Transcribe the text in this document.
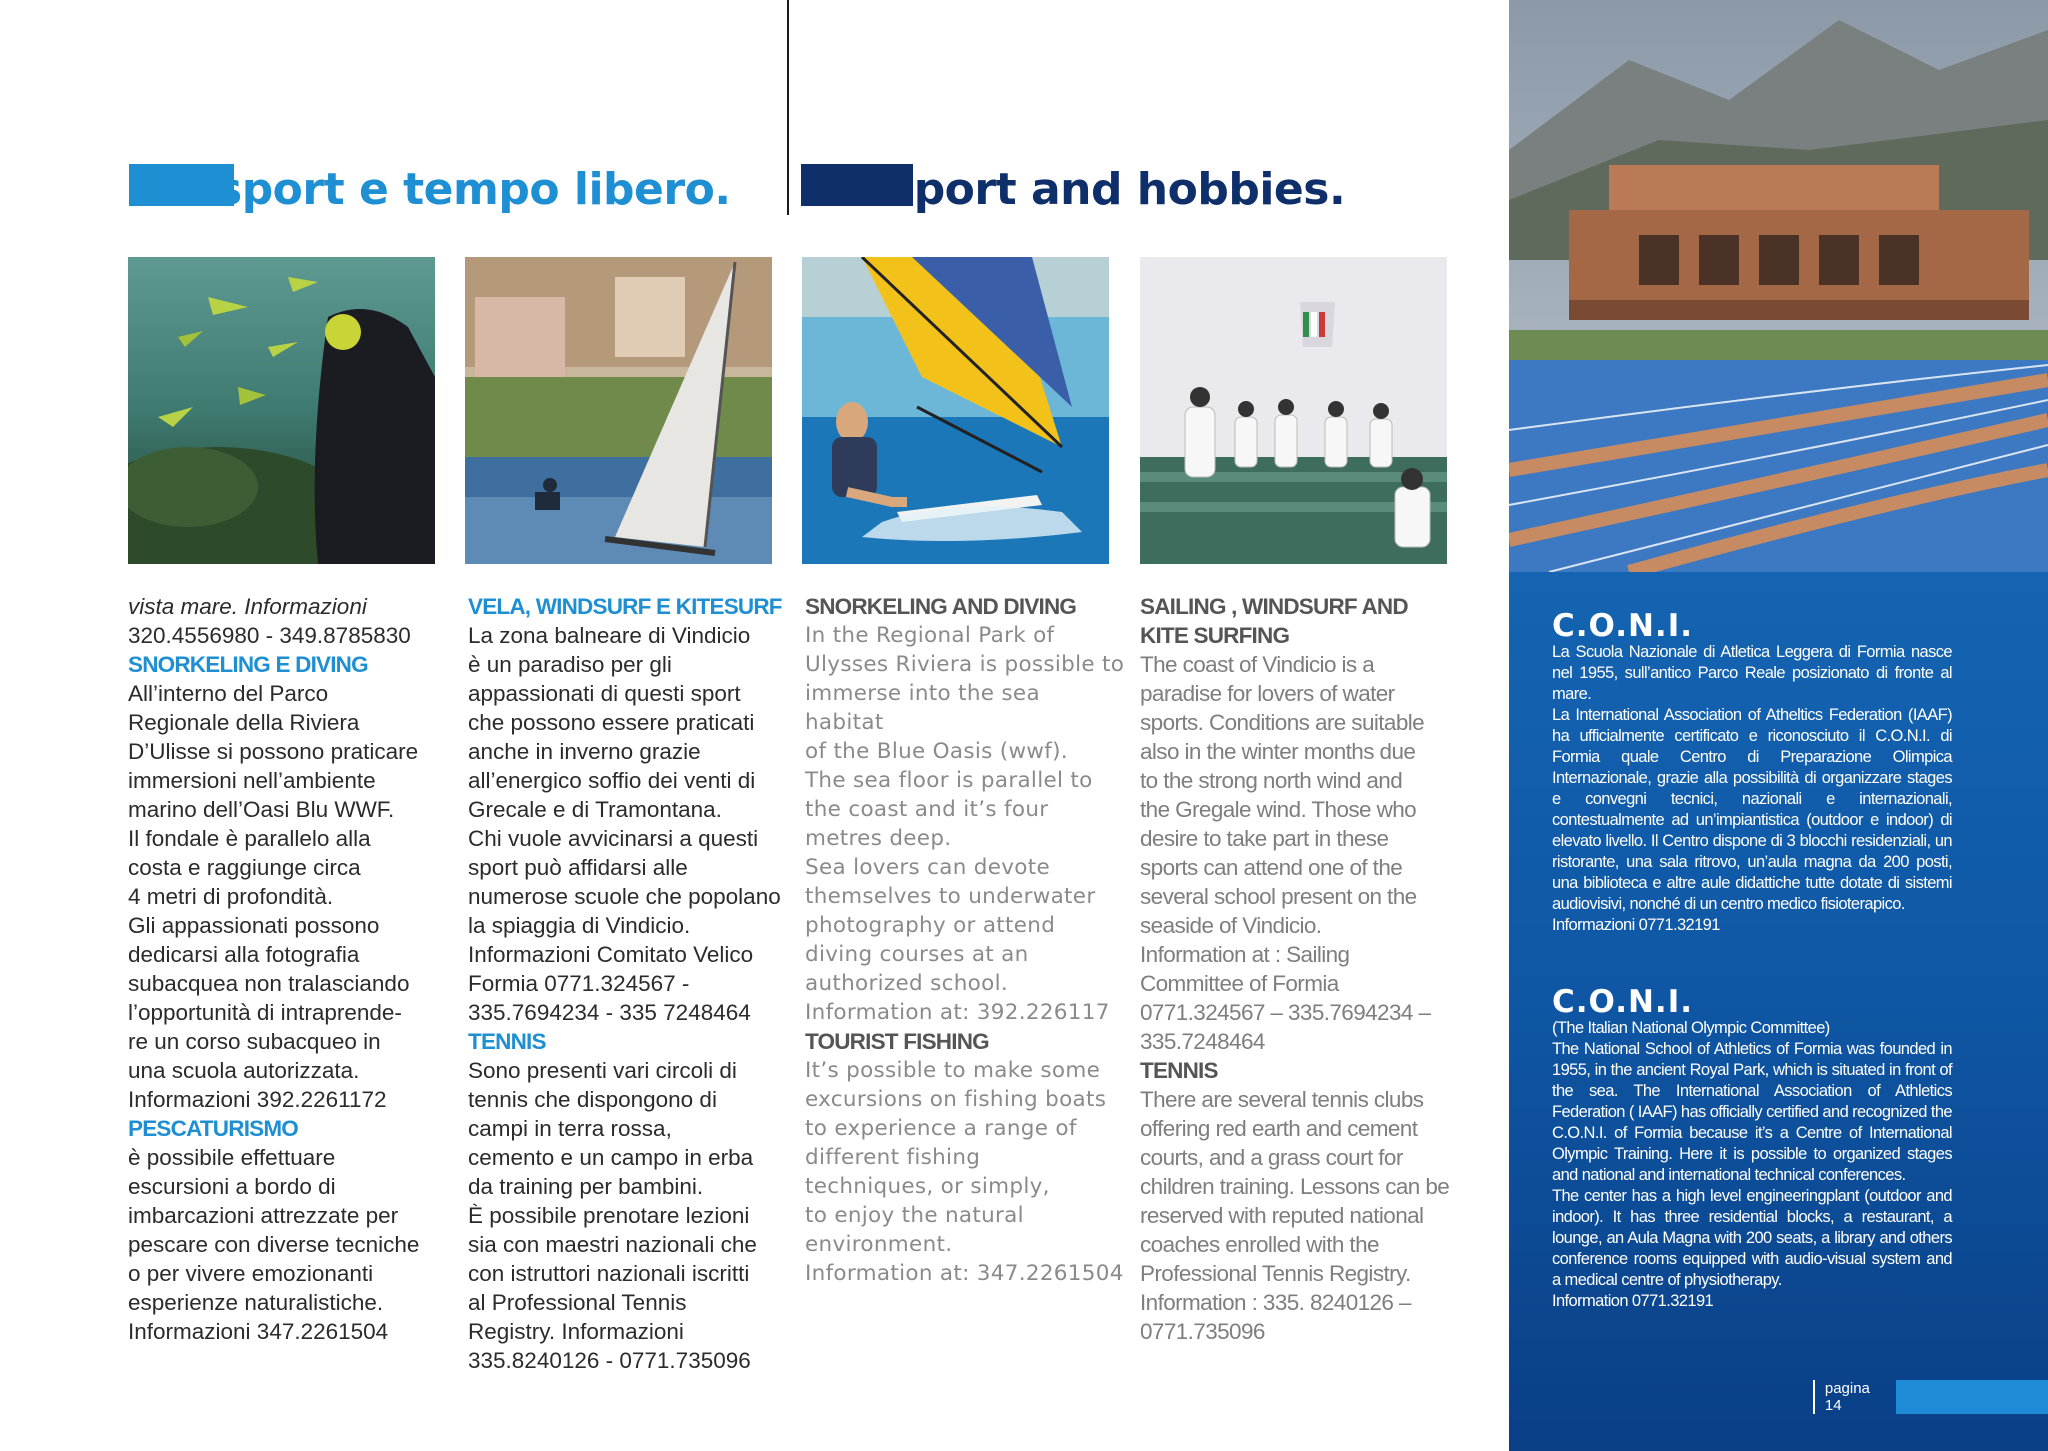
sport e tempo libero.	sport and hobbies.

vista mare. Informazioni

320.4556980 - 349.8785830

SNORKELING E DIVING

All’interno del Parco
Regionale della Riviera
D’Ulisse si possono praticare
immersioni nell’ambiente
marino dell’Oasi Blu WWF.
Il fondale è parallelo alla
costa e raggiunge circa
4 metri di profondità.
Gli appassionati possono
dedicarsi alla fotografia
subacquea non tralasciando
l’opportunità di intraprende-
re un corso subacqueo in
una scuola autorizzata.
Informazioni 392.2261172

PESCATURISMO

è possibile effettuare
escursioni a bordo di
imbarcazioni attrezzate per
pescare con diverse tecniche
o per vivere emozionanti
esperienze naturalistiche.
Informazioni 347.2261504

VELA, WINDSURF E KITESURF

La zona balneare di Vindicio
è un paradiso per gli
appassionati di questi sport
che possono essere praticati
anche in inverno grazie
all’energico soffio dei venti di
Grecale e di Tramontana.
Chi vuole avvicinarsi a questi
sport può affidarsi alle
numerose scuole che popolano
la spiaggia di Vindicio.
Informazioni Comitato Velico
Formia 0771.324567 -
335.7694234 - 335 7248464

TENNIS

Sono presenti vari circoli di
tennis che dispongono di
campi in terra rossa,
cemento e un campo in erba
da training per bambini.
È possibile prenotare lezioni
sia con maestri nazionali che
con istruttori nazionali iscritti
al Professional Tennis
Registry. Informazioni
335.8240126 - 0771.735096

SNORKELING AND DIVING

In the Regional Park of
Ulysses Riviera is possible to
immerse into the sea habitat
of the Blue Oasis (wwf).
The sea floor is parallel to
the coast and it’s four
metres deep.
Sea lovers can devote
themselves to underwater
photography or attend
diving courses at an
authorized school.
Information at: 392.226117

TOURIST FISHING

It’s possible to make some
excursions on fishing boats
to experience a range of
different fishing
techniques, or simply,
to enjoy the natural
environment.
Information at: 347.2261504

SAILING , WINDSURF AND
KITE SURFING

The coast of Vindicio is a
paradise for lovers of water
sports. Conditions are suitable
also in the winter months due
to the strong north wind and
the Gregale wind. Those who
desire to take part in these
sports can attend one of the
several school present on the
seaside of Vindicio.
Information at : Sailing
Committee of Formia
0771.324567 – 335.7694234 –
335.7248464

TENNIS

There are several tennis clubs
offering red earth and cement
courts, and a grass court for
children training. Lessons can be
reserved with reputed national
coaches enrolled with the
Professional Tennis Registry.
Information : 335. 8240126 –
0771.735096

C.O.N.I.

La Scuola Nazionale di Atletica Leggera di Formia nasce nel 1955, sull’antico Parco Reale posizionato di fronte al mare.

La International Association of Atheltics Federation (IAAF) ha ufficialmente certificato e riconosciuto il C.O.N.I. di Formia quale Centro di Preparazione Olimpica Internazionale, grazie alla possibilità di organizzare stages e convegni tecnici, nazionali e internazionali, contestualmente ad un’impiantistica (outdoor e indoor) di elevato livello. Il Centro dispone di 3 blocchi residenziali, un ristorante, una sala ritrovo, un’aula magna da 200 posti, una biblioteca e altre aule didattiche tutte dotate di sistemi audiovisivi, nonché di un centro medico fisioterapico.

Informazioni 0771.32191

C.O.N.I.

(The Italian National Olympic Committee)

The National School of Athletics of Formia was founded in 1955, in the ancient Royal Park, which is situated in front of the sea. The International Association of Athletics Federation ( IAAF) has officially certified and recognized the C.O.N.I. of Formia because it’s a Centre of International Olympic Training. Here it is possible to organized stages and national and international technical conferences.

The center has a high level engineeringplant (outdoor and indoor). It has three residential blocks, a restaurant, a lounge, an Aula Magna with 200 seats, a library and others conference rooms equipped with audio-visual system and a medical centre of physiotherapy.

Information 0771.32191

pagina 14
